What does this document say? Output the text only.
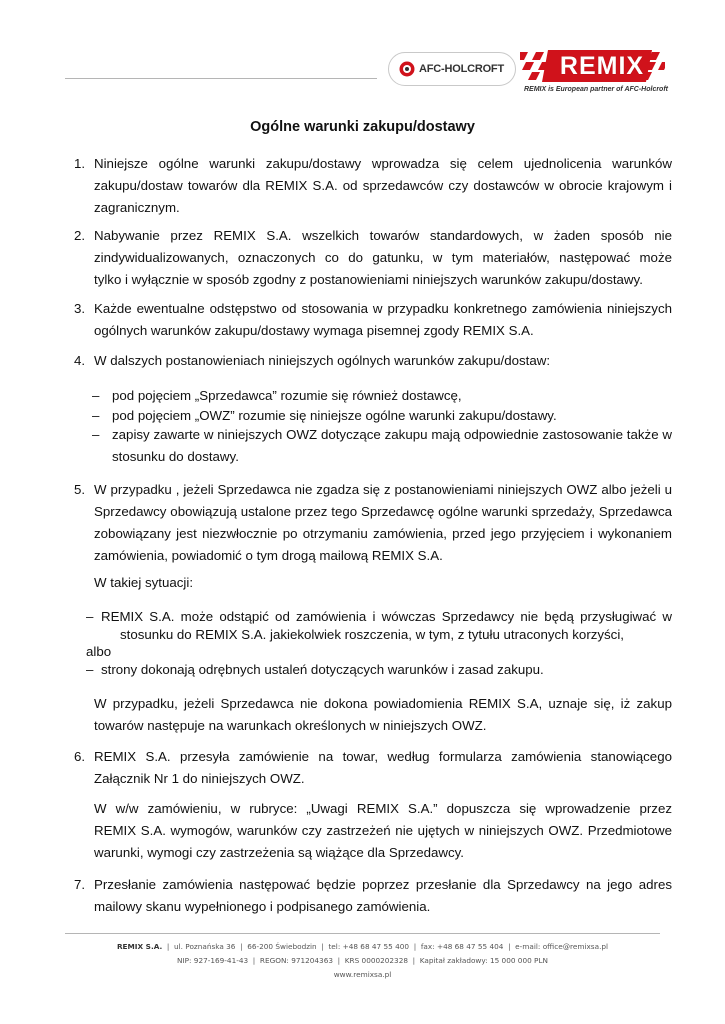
AFC-HOLCROFT	REMIX
REMIX is European partner of AFC-Holcroft
Ogólne warunki zakupu/dostawy
1. Niniejsze ogólne warunki zakupu/dostawy wprowadza się celem ujednolicenia warunków
zakupu/dostaw towarów dla REMIX S.A. od sprzedawców czy dostawców w obrocie krajowym i
zagranicznym.
2. Nabywanie przez REMIX S.A. wszelkich towarów standardowych, w żaden sposób nie
zindywidualizowanych, oznaczonych co do gatunku, w tym materiałów, następować może
tylko i wyłącznie w sposób zgodny z postanowieniami niniejszych warunków zakupu/dostawy.
3. Każde ewentualne odstępstwo od stosowania w przypadku konkretnego zamówienia niniejszych
ogólnych warunków zakupu/dostawy wymaga pisemnej zgody REMIX S.A.
4. W dalszych postanowieniach niniejszych ogólnych warunków zakupu/dostaw:
– pod pojęciem „Sprzedawca” rozumie się również dostawcę,
– pod pojęciem „OWZ” rozumie się niniejsze ogólne warunki zakupu/dostawy.
– zapisy zawarte w niniejszych OWZ dotyczące zakupu mają odpowiednie zastosowanie także w
stosunku do dostawy.
5. W przypadku , jeżeli Sprzedawca nie zgadza się z postanowieniami niniejszych OWZ albo jeżeli u
Sprzedawcy obowiązują ustalone przez tego Sprzedawcę ogólne warunki sprzedaży, Sprzedawca
zobowiązany jest niezwłocznie po otrzymaniu zamówienia, przed jego przyjęciem i wykonaniem
zamówienia, powiadomić o tym drogą mailową REMIX S.A.
W takiej sytuacji:
– REMIX S.A. może odstąpić od zamówienia i wówczas Sprzedawcy nie będą przysługiwać w
stosunku do REMIX S.A. jakiekolwiek roszczenia, w tym, z tytułu utraconych korzyści,
albo
– strony dokonają odrębnych ustaleń dotyczących warunków i zasad zakupu.
W przypadku, jeżeli Sprzedawca nie dokona powiadomienia REMIX S.A, uznaje się, iż zakup
towarów następuje na warunkach określonych w niniejszych OWZ.
6. REMIX S.A. przesyła zamówienie na towar, według formularza zamówienia stanowiącego
Załącznik Nr 1 do niniejszych OWZ.
W w/w zamówieniu, w rubryce: „Uwagi REMIX S.A.” dopuszcza się wprowadzenie przez
REMIX S.A. wymogów, warunków czy zastrzeżeń nie ujętych w niniejszych OWZ. Przedmiotowe
warunki, wymogi czy zastrzeżenia są wiążące dla Sprzedawcy.
7. Przesłanie zamówienia następować będzie poprzez przesłanie dla Sprzedawcy na jego adres
mailowy skanu wypełnionego i podpisanego zamówienia.
REMIX S.A. | ul. Poznańska 36 | 66-200 Świebodzin | tel: +48 68 47 55 400 | fax: +48 68 47 55 404 | e-mail: office@remixsa.pl
NIP: 927-169-41-43 | REGON: 971204363 | KRS 0000202328 | Kapitał zakładowy: 15 000 000 PLN
www.remixsa.pl
